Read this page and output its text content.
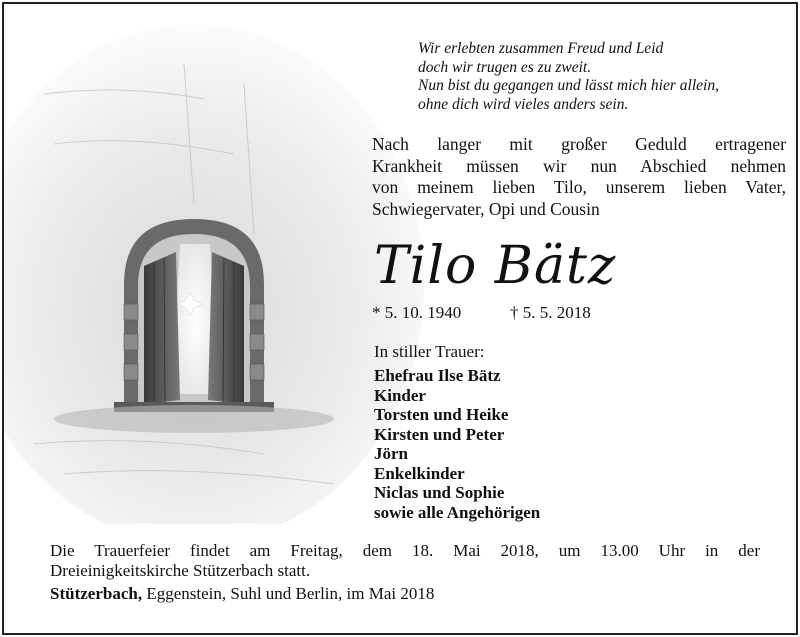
Wir erlebten zusammen Freud und Leid
doch wir trugen es zu zweit.
Nun bist du gegangen und lässt mich hier allein,
ohne dich wird vieles anders sein.
Nach langer mit großer Geduld ertragener
Krankheit müssen wir nun Abschied nehmen
von meinem lieben Tilo, unserem lieben Vater,
Schwiegervater, Opi und Cousin
Tilo Bätz
* 5. 10. 1940	† 5. 5. 2018
In stiller Trauer:
Ehefrau Ilse Bätz
Kinder
Torsten und Heike
Kirsten und Peter
Jörn
Enkelkinder
Niclas und Sophie
sowie alle Angehörigen
Die Trauerfeier findet am Freitag, dem 18. Mai 2018, um 13.00 Uhr in der
Dreieinigkeitskirche Stützerbach statt.
Stützerbach, Eggenstein, Suhl und Berlin, im Mai 2018
